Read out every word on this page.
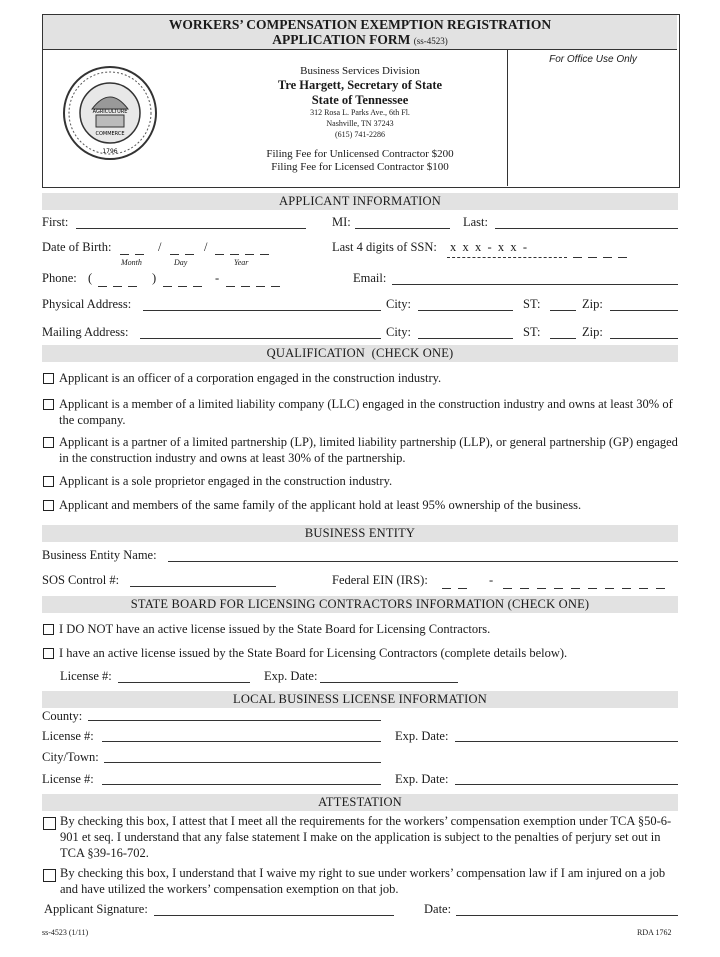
WORKERS’ COMPENSATION EXEMPTION REGISTRATION
APPLICATION FORM (ss-4523)
For Office Use Only
AGRICULTURE
COMMERCE
1796
Business Services Division
Tre Hargett, Secretary of State
State of Tennessee
312 Rosa L. Parks Ave., 6th Fl.
Nashville, TN 37243
(615) 741-2286
Filing Fee for Unlicensed Contractor $200
Filing Fee for Licensed Contractor $100
APPLICANT INFORMATION
First:	MI:	Last:
Date of Birth:	/	/
Month	Day	Year
Last 4 digits of SSN: x  x  x  -  x  x  -
Phone: (	)	-	Email:
Physical Address:	City:	ST:	Zip:
Mailing Address:	City:	ST:	Zip:
QUALIFICATION  (CHECK ONE)
Applicant is an officer of a corporation engaged in the construction industry.
Applicant is a member of a limited liability company (LLC) engaged in the construction industry and owns at least 30% of the company.
Applicant is a partner of a limited partnership (LP), limited liability partnership (LLP), or general partnership (GP) engaged in the construction industry and owns at least 30% of the partnership.
Applicant is a sole proprietor engaged in the construction industry.
Applicant and members of the same family of the applicant hold at least 95% ownership of the business.
BUSINESS ENTITY
Business Entity Name:
SOS Control #:	Federal EIN (IRS):	-
STATE BOARD FOR LICENSING CONTRACTORS INFORMATION (CHECK ONE)
I DO NOT have an active license issued by the State Board for Licensing Contractors.
I have an active license issued by the State Board for Licensing Contractors (complete details below).
License #:	Exp. Date:
LOCAL BUSINESS LICENSE INFORMATION
County:
License #:	Exp. Date:
City/Town:
License #:	Exp. Date:
ATTESTATION
By checking this box, I attest that I meet all the requirements for the workers’ compensation exemption under TCA §50-6-901 et seq. I understand that any false statement I make on the application is subject to the penalties of perjury set out in TCA §39-16-702.
By checking this box, I understand that I waive my right to sue under workers’ compensation law if I am injured on a job and have utilized the workers’ compensation exemption on that job.
Applicant Signature:	Date:
ss-4523 (1/11)	RDA 1762
